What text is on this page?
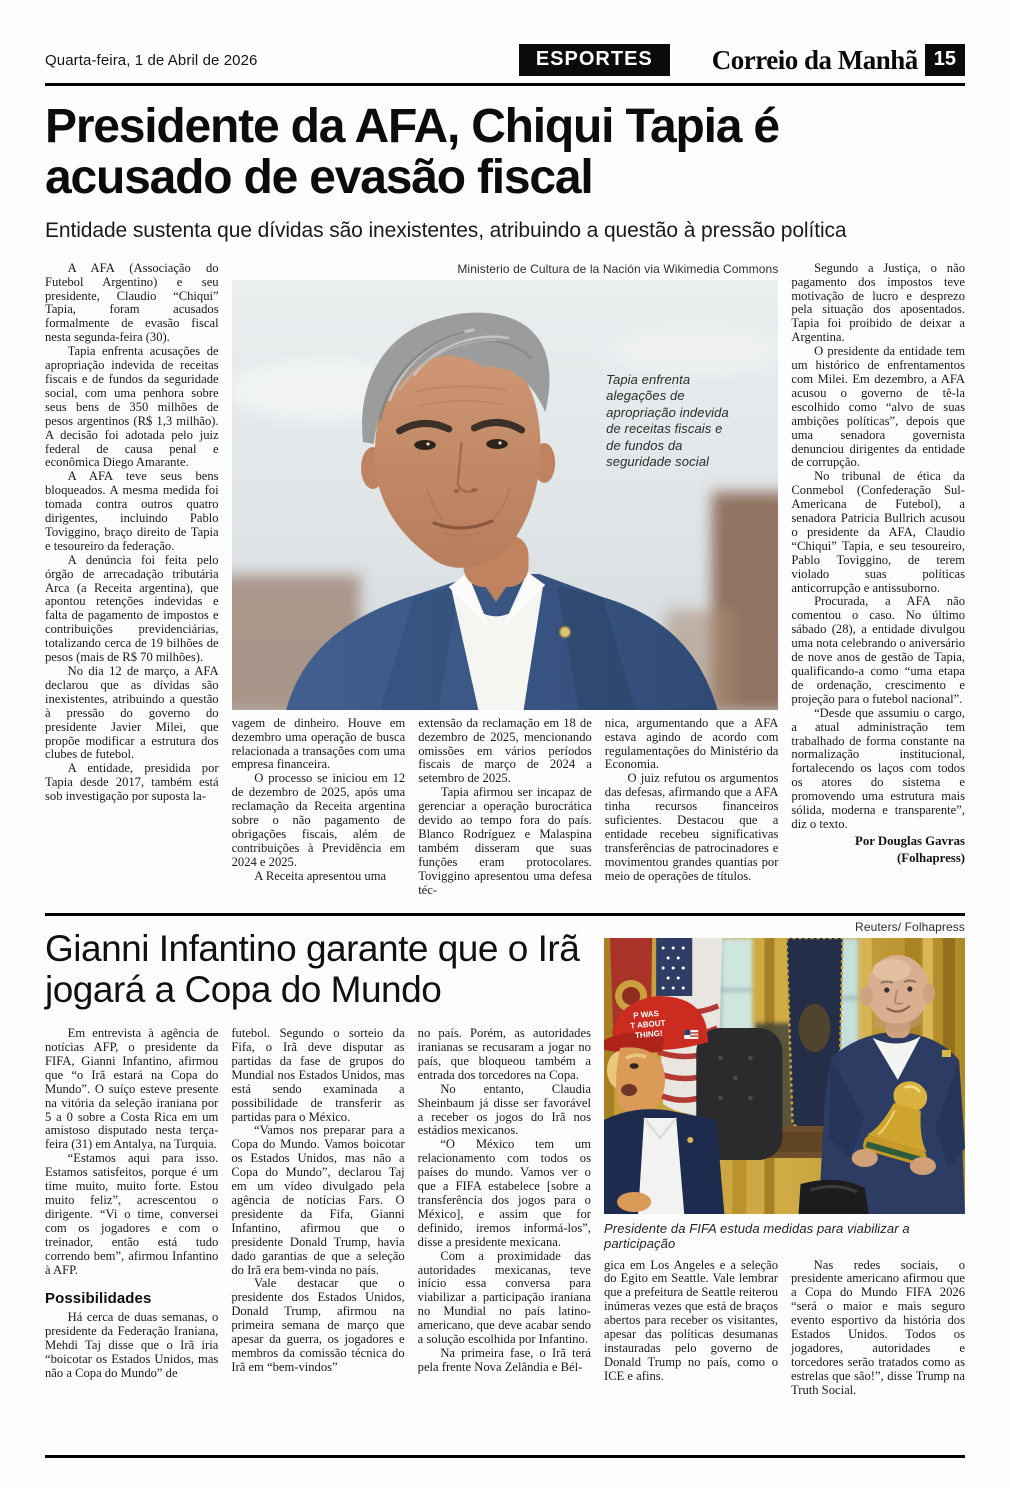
Quarta-feira, 1 de Abril de 2026	ESPORTES	Correio da Manhã 15
Presidente da AFA, Chiqui Tapia é acusado de evasão fiscal

Entidade sustenta que dívidas são inexistentes, atribuindo a questão à pressão política

A AFA (Associação do Futebol Argentino) e seu presidente, Claudio “Chiqui” Tapia, foram acusados formalmente de evasão fiscal nesta segunda-feira (30).

Tapia enfrenta acusações de apropriação indevida de receitas fiscais e de fundos da seguridade social, com uma penhora sobre seus bens de 350 milhões de pesos argentinos (R$ 1,3 milhão). A decisão foi adotada pelo juiz federal de causa penal e econômica Diego Amarante.

A AFA teve seus bens bloqueados. A mesma medida foi tomada contra outros quatro dirigentes, incluindo Pablo Toviggino, braço direito de Tapia e tesoureiro da federação.

A denúncia foi feita pelo órgão de arrecadação tributária Arca (a Receita argentina), que apontou retenções indevidas e falta de pagamento de impostos e contribuições previdenciárias, totalizando cerca de 19 bilhões de pesos (mais de R$ 70 milhões).

No dia 12 de março, a AFA declarou que as dívidas são inexistentes, atribuindo a questão à pressão do governo do presidente Javier Milei, que propõe modificar a estrutura dos clubes de futebol.

A entidade, presidida por Tapia desde 2017, também está sob investigação por suposta la-

Ministerio de Cultura de la Nación via Wikimedia Commons
Tapia enfrenta alegações de apropriação indevida de receitas fiscais e de fundos da seguridade social

vagem de dinheiro. Houve em dezembro uma operação de busca relacionada a transações com uma empresa financeira.

O processo se iniciou em 12 de dezembro de 2025, após uma reclamação da Receita argentina sobre o não pagamento de obrigações fiscais, além de contribuições à Previdência em 2024 e 2025.

A Receita apresentou uma

extensão da reclamação em 18 de dezembro de 2025, mencionando omissões em vários períodos fiscais de março de 2024 a setembro de 2025.

Tapia afirmou ser incapaz de gerenciar a operação burocrática devido ao tempo fora do país. Blanco Rodríguez e Malaspina também disseram que suas funções eram protocolares. Toviggino apresentou uma defesa téc-

nica, argumentando que a AFA estava agindo de acordo com regulamentações do Ministério da Economia.

O juiz refutou os argumentos das defesas, afirmando que a AFA tinha recursos financeiros suficientes. Destacou que a entidade recebeu significativas transferências de patrocinadores e movimentou grandes quantias por meio de operações de títulos.

Segundo a Justiça, o não pagamento dos impostos teve motivação de lucro e desprezo pela situação dos aposentados. Tapia foi proibido de deixar a Argentina.

O presidente da entidade tem um histórico de enfrentamentos com Milei. Em dezembro, a AFA acusou o governo de tê-la escolhido como “alvo de suas ambições políticas”, depois que uma senadora governista denunciou dirigentes da entidade de corrupção.

No tribunal de ética da Conmebol (Confederação Sul-Americana de Futebol), a senadora Patricia Bullrich acusou o presidente da AFA, Claudio “Chiqui” Tapia, e seu tesoureiro, Pablo Toviggino, de terem violado suas políticas anticorrupção e antissuborno.

Procurada, a AFA não comentou o caso. No último sábado (28), a entidade divulgou uma nota celebrando o aniversário de nove anos de gestão de Tapia, qualificando-a como “uma etapa de ordenação, crescimento e projeção para o futebol nacional”.

“Desde que assumiu o cargo, a atual administração tem trabalhado de forma constante na normalização institucional, fortalecendo os laços com todos os atores do sistema e promovendo uma estrutura mais sólida, moderna e transparente”, diz o texto.

Por Douglas Gavras
(Folhapress)
Gianni Infantino garante que o Irã jogará a Copa do Mundo

Em entrevista à agência de notícias AFP, o presidente da FIFA, Gianni Infantino, afirmou que “o Irã estará na Copa do Mundo”. O suíço esteve presente na vitória da seleção iraniana por 5 a 0 sobre a Costa Rica em um amistoso disputado nesta terça-feira (31) em Antalya, na Turquia.

“Estamos aqui para isso. Estamos satisfeitos, porque é um time muito, muito forte. Estou muito feliz”, acrescentou o dirigente. “Vi o time, conversei com os jogadores e com o treinador, então está tudo correndo bem”, afirmou Infantino à AFP.

Possibilidades

Há cerca de duas semanas, o presidente da Federação Iraniana, Mehdi Taj disse que o Irã iria “boicotar os Estados Unidos, mas não a Copa do Mundo” de

futebol. Segundo o sorteio da Fifa, o Irã deve disputar as partidas da fase de grupos do Mundial nos Estados Unidos, mas está sendo examinada a possibilidade de transferir as partidas para o México.

“Vamos nos preparar para a Copa do Mundo. Vamos boicotar os Estados Unidos, mas não a Copa do Mundo”, declarou Taj em um vídeo divulgado pela agência de notícias Fars. O presidente da Fifa, Gianni Infantino, afirmou que o presidente Donald Trump, havia dado garantias de que a seleção do Irã era bem-vinda no país.

Vale destacar que o presidente dos Estados Unidos, Donald Trump, afirmou na primeira semana de março que apesar da guerra, os jogadores e membros da comissão técnica do Irã em “bem-vindos”

no país. Porém, as autoridades iranianas se recusaram a jogar no país, que bloqueou também a entrada dos torcedores na Copa.

No entanto, Claudia Sheinbaum já disse ser favorável a receber os jogos do Irã nos estádios mexicanos.

“O México tem um relacionamento com todos os países do mundo. Vamos ver o que a FIFA estabelece [sobre a transferência dos jogos para o México], e assim que for definido, iremos informá-los”, disse a presidente mexicana.

Com a proximidade das autoridades mexicanas, teve início essa conversa para viabilizar a participação iraniana no Mundial no país latino-americano, que deve acabar sendo a solução escolhida por Infantino.

Na primeira fase, o Irã terá pela frente Nova Zelândia e Bél-

Reuters/ Folhapress
P WAS
T ABOUT
THING!
Presidente da FIFA estuda medidas para viabilizar a participação

gica em Los Angeles e a seleção do Egito em Seattle. Vale lembrar que a prefeitura de Seattle reiterou inúmeras vezes que está de braços abertos para receber os visitantes, apesar das políticas desumanas instauradas pelo governo de Donald Trump no país, como o ICE e afins.

Nas redes sociais, o presidente americano afirmou que a Copa do Mundo FIFA 2026 “será o maior e mais seguro evento esportivo da história dos Estados Unidos. Todos os jogadores, autoridades e torcedores serão tratados como as estrelas que são!”, disse Trump na Truth Social.
